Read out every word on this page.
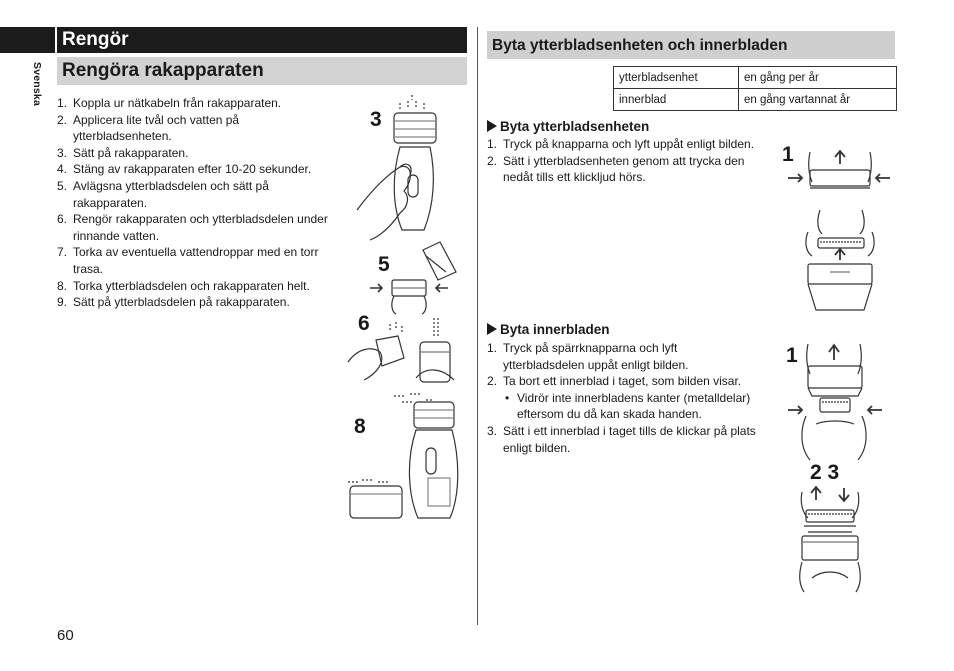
Svenska
Rengör
Rengöra rakapparaten
1. Koppla ur nätkabeln från rakapparaten.
2. Applicera lite tvål och vatten på ytterbladsenheten.
3. Sätt på rakapparaten.
4. Stäng av rakapparaten efter 10-20 sekunder.
5. Avlägsna ytterbladsdelen och sätt på rakapparaten.
6. Rengör rakapparaten och ytterbladsdelen under rinnande vatten.
7. Torka av eventuella vattendroppar med en torr trasa.
8. Torka ytterbladsdelen och rakapparaten helt.
9. Sätt på ytterbladsdelen på rakapparaten.
3
5
6
8
Byta ytterbladsenheten och innerbladen
ytterbladsenhet	en gång per år
innerblad	en gång vartannat år
Byta ytterbladsenheten
1. Tryck på knapparna och lyft uppåt enligt bilden.
2. Sätt i ytterbladsenheten genom att trycka den nedåt tills ett klickljud hörs.
Byta innerbladen
1. Tryck på spärrknapparna och lyft ytterbladsdelen uppåt enligt bilden.
2. Ta bort ett innerblad i taget, som bilden visar.
• Vidrör inte innerbladens kanter (metalldelar) eftersom du då kan skada handen.
3. Sätt i ett innerblad i taget tills de klickar på plats enligt bilden.
1
1
2 3
60
